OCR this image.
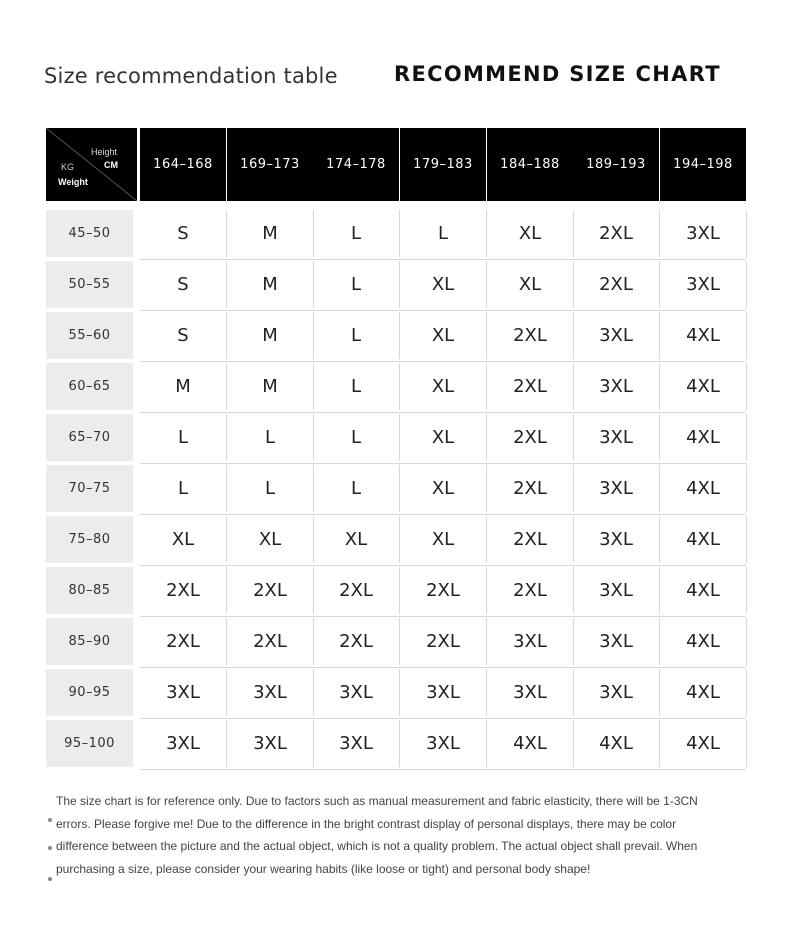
Size recommendation table	RECOMMEND SIZE CHART
Height
CM
KG
Weight
164–168	169–173	174–178	179–183	184–188	189–193	194–198
45–50	S	M	L	L	XL	2XL	3XL
50–55	S	M	L	XL	XL	2XL	3XL
55–60	S	M	L	XL	2XL	3XL	4XL
60–65	M	M	L	XL	2XL	3XL	4XL
65–70	L	L	L	XL	2XL	3XL	4XL
70–75	L	L	L	XL	2XL	3XL	4XL
75–80	XL	XL	XL	XL	2XL	3XL	4XL
80–85	2XL	2XL	2XL	2XL	2XL	3XL	4XL
85–90	2XL	2XL	2XL	2XL	3XL	3XL	4XL
90–95	3XL	3XL	3XL	3XL	3XL	3XL	4XL
95–100	3XL	3XL	3XL	3XL	4XL	4XL	4XL
The size chart is for reference only. Due to factors such as manual measurement and fabric elasticity, there will be 1-3CN
errors. Please forgive me! Due to the difference in the bright contrast display of personal displays, there may be color
difference between the picture and the actual object, which is not a quality problem. The actual object shall prevail. When
purchasing a size, please consider your wearing habits (like loose or tight) and personal body shape!
